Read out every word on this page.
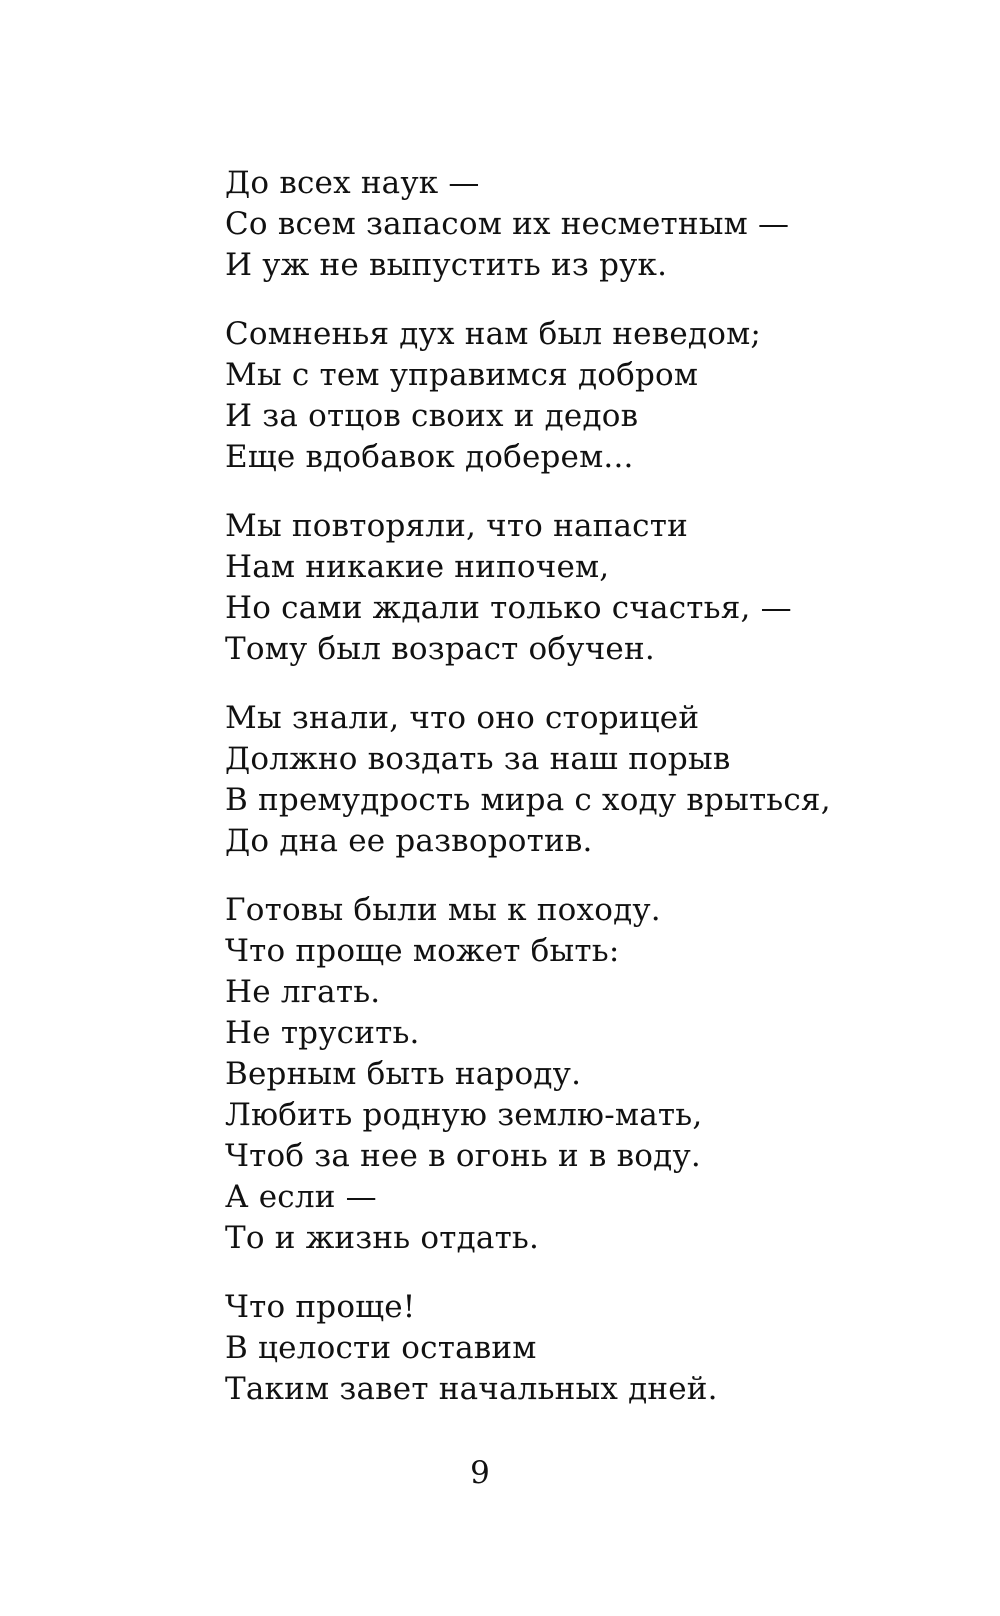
До всех наук —
Со всем запасом их несметным —
И уж не выпустить из рук.
Сомненья дух нам был неведом;
Мы с тем управимся добром
И за отцов своих и дедов
Еще вдобавок доберем...
Мы повторяли, что напасти
Нам никакие нипочем,
Но сами ждали только счастья, —
Тому был возраст обучен.
Мы знали, что оно сторицей
Должно воздать за наш порыв
В премудрость мира с ходу врыться,
До дна ее разворотив.
Готовы были мы к походу.
Что проще может быть:
Не лгать.
Не трусить.
Верным быть народу.
Любить родную землю-мать,
Чтоб за нее в огонь и в воду.
А если —
То и жизнь отдать.
Что проще!
В целости оставим
Таким завет начальных дней.
9
